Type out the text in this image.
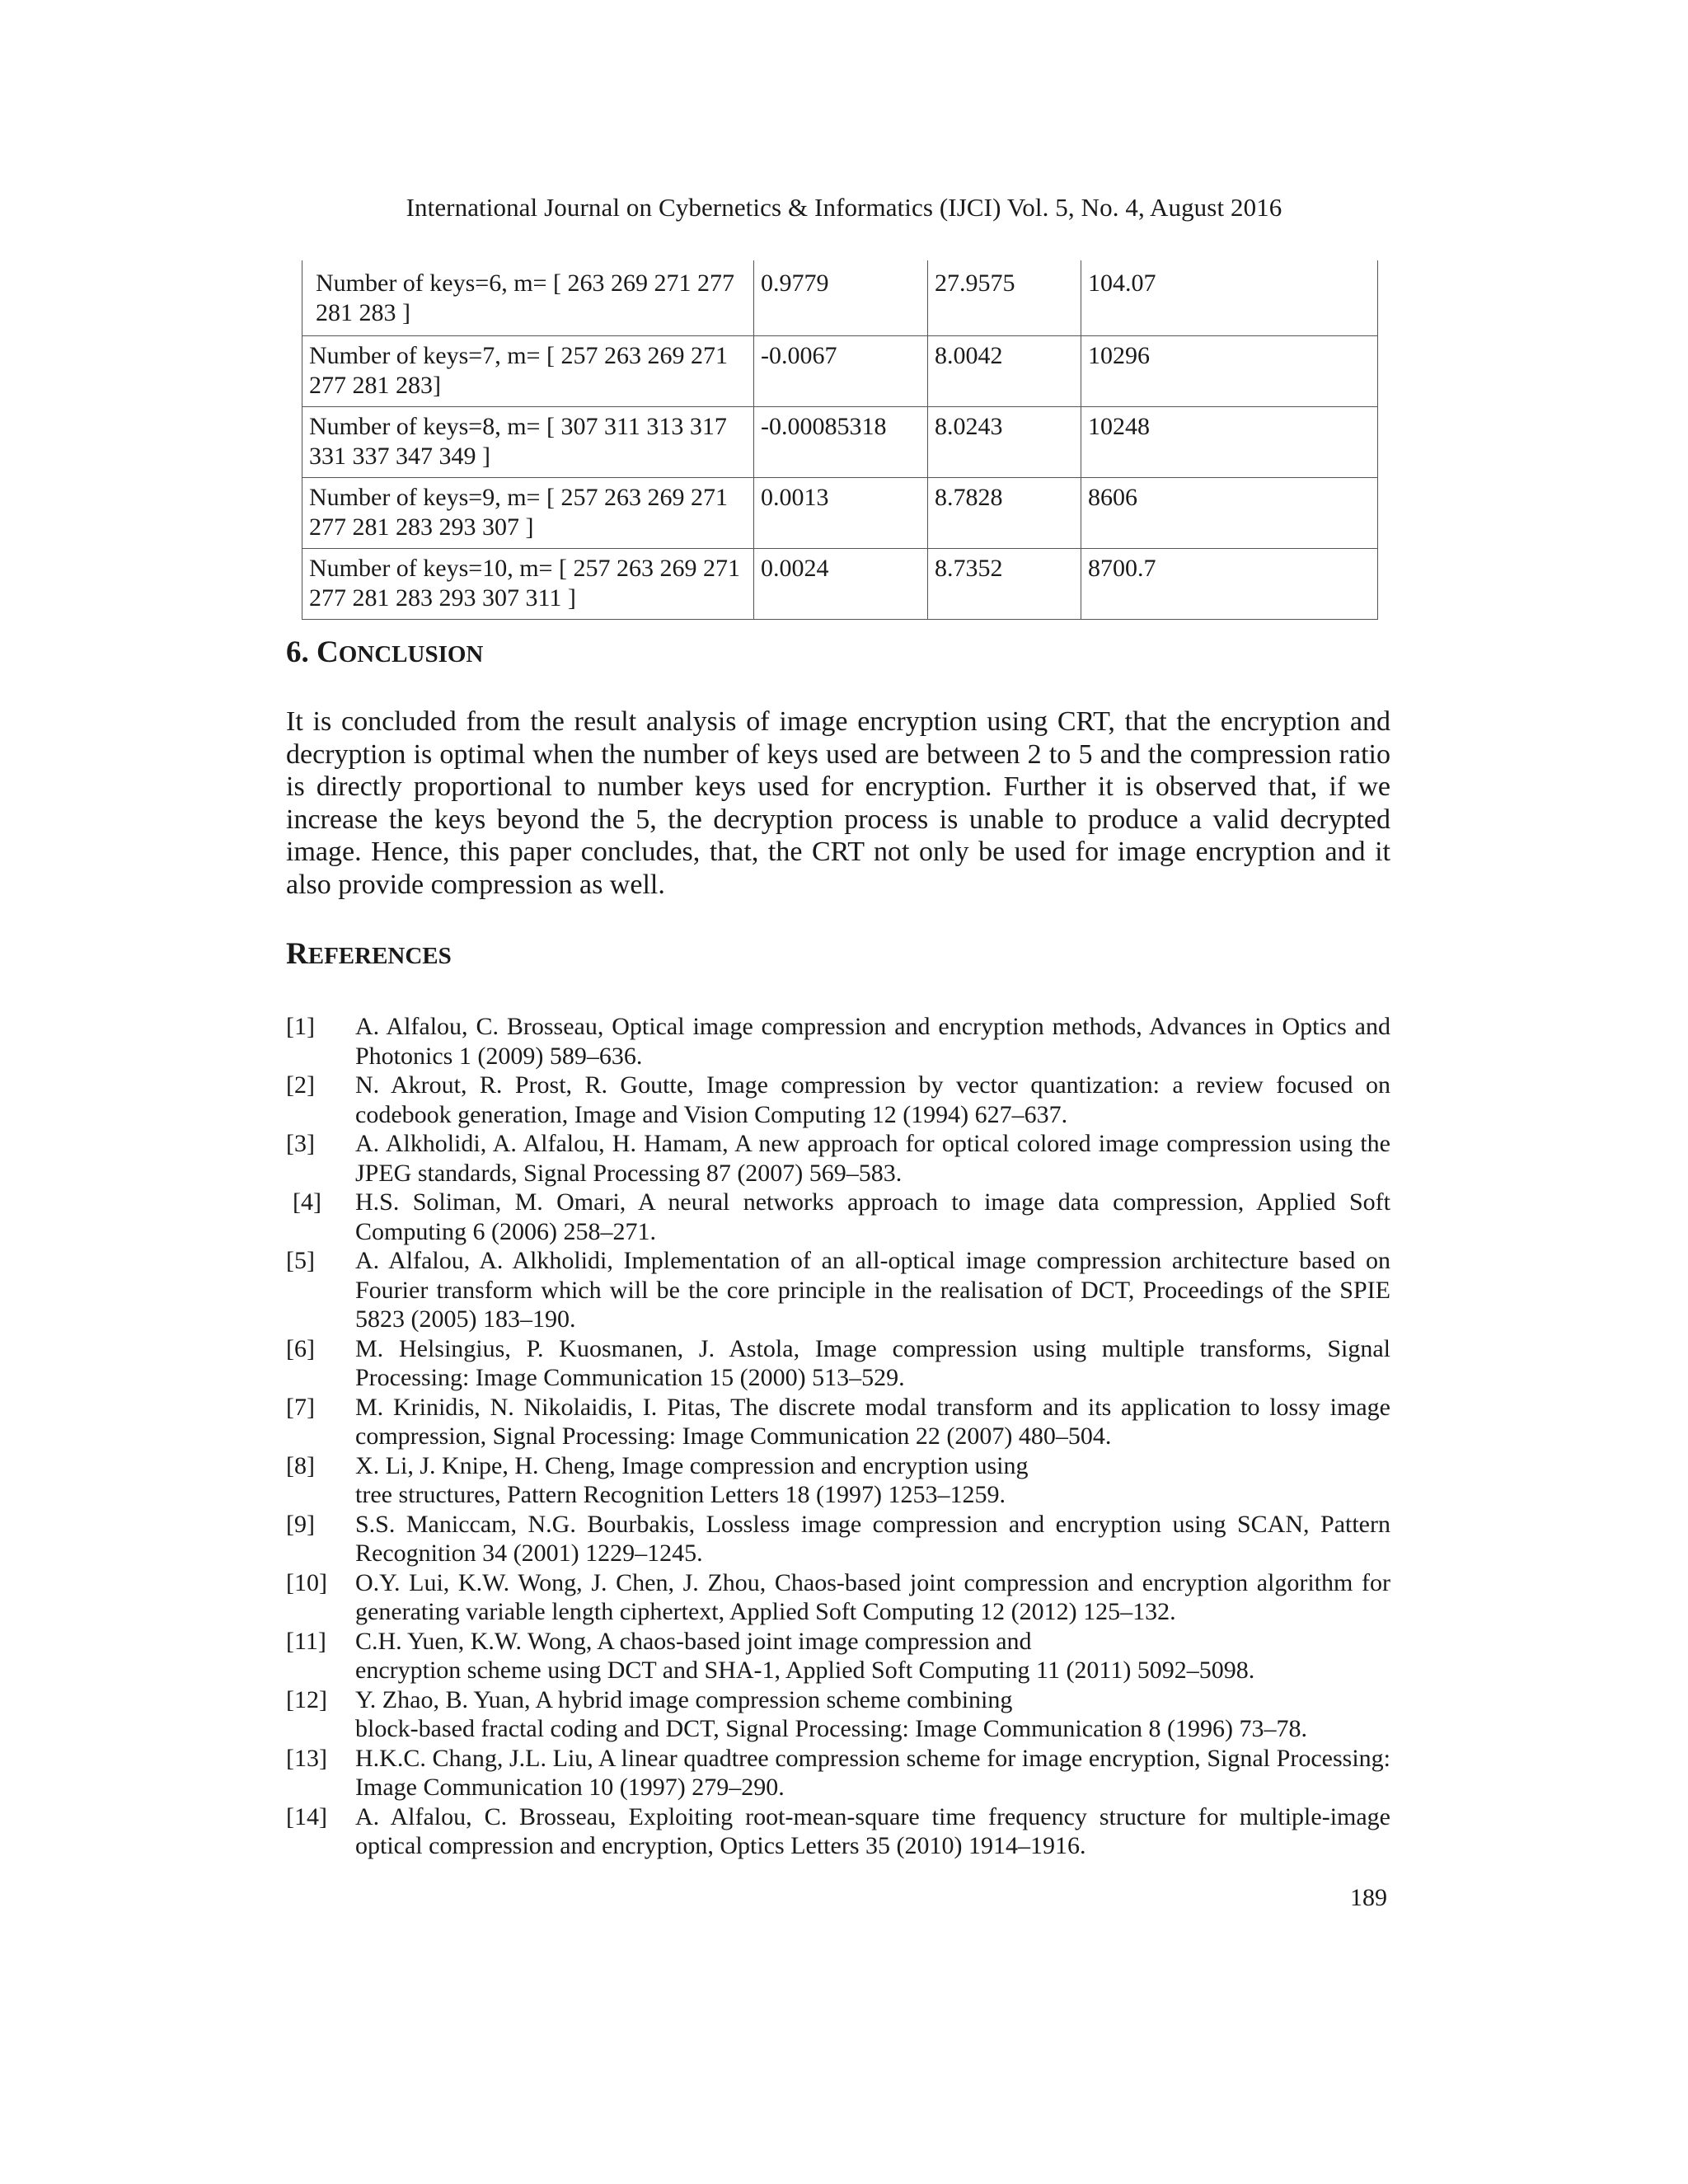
International Journal on Cybernetics & Informatics (IJCI) Vol. 5, No. 4, August 2016
Number of keys=6, m= [ 263 269 271 277 281 283 ]	0.9779	27.9575	104.07
Number of keys=7, m= [ 257 263 269 271 277 281 283]	-0.0067	8.0042	10296
Number of keys=8, m= [ 307 311 313 317 331 337 347 349 ]	-0.00085318	8.0243	10248
Number of keys=9, m= [ 257 263 269 271 277 281 283 293 307 ]	0.0013	8.7828	8606
Number of keys=10, m= [ 257 263 269 271 277 281 283 293 307 311 ]	0.0024	8.7352	8700.7
6. CONCLUSION

It is concluded from the result analysis of image encryption using CRT, that the encryption and decryption is optimal when the number of keys used are between 2 to 5 and the compression ratio is directly proportional to number keys used for encryption. Further it is observed that, if we increase the keys beyond the 5, the decryption process is unable to produce a valid decrypted image. Hence, this paper concludes, that, the CRT not only be used for image encryption and it also provide compression as well.

REFERENCES
[1] A. Alfalou, C. Brosseau, Optical image compression and encryption methods, Advances in Optics and Photonics 1 (2009) 589–636.
[2] N. Akrout, R. Prost, R. Goutte, Image compression by vector quantization: a review focused on codebook generation, Image and Vision Computing 12 (1994) 627–637.
[3] A. Alkholidi, A. Alfalou, H. Hamam, A new approach for optical colored image compression using the JPEG standards, Signal Processing 87 (2007) 569–583.
[4] H.S. Soliman, M. Omari, A neural networks approach to image data compression, Applied Soft Computing 6 (2006) 258–271.
[5] A. Alfalou, A. Alkholidi, Implementation of an all-optical image compression architecture based on Fourier transform which will be the core principle in the realisation of DCT, Proceedings of the SPIE 5823 (2005) 183–190.
[6] M. Helsingius, P. Kuosmanen, J. Astola, Image compression using multiple transforms, Signal Processing: Image Communication 15 (2000) 513–529.
[7] M. Krinidis, N. Nikolaidis, I. Pitas, The discrete modal transform and its application to lossy image compression, Signal Processing: Image Communication 22 (2007) 480–504.
[8] X. Li, J. Knipe, H. Cheng, Image compression and encryption using
tree structures, Pattern Recognition Letters 18 (1997) 1253–1259.
[9] S.S. Maniccam, N.G. Bourbakis, Lossless image compression and encryption using SCAN, Pattern Recognition 34 (2001) 1229–1245.
[10] O.Y. Lui, K.W. Wong, J. Chen, J. Zhou, Chaos-based joint compression and encryption algorithm for generating variable length ciphertext, Applied Soft Computing 12 (2012) 125–132.
[11] C.H. Yuen, K.W. Wong, A chaos-based joint image compression and
encryption scheme using DCT and SHA-1, Applied Soft Computing 11 (2011) 5092–5098.
[12] Y. Zhao, B. Yuan, A hybrid image compression scheme combining
block-based fractal coding and DCT, Signal Processing: Image Communication 8 (1996) 73–78.
[13] H.K.C. Chang, J.L. Liu, A linear quadtree compression scheme for image encryption, Signal Processing: Image Communication 10 (1997) 279–290.
[14] A. Alfalou, C. Brosseau, Exploiting root-mean-square time frequency structure for multiple-image optical compression and encryption, Optics Letters 35 (2010) 1914–1916.
189
